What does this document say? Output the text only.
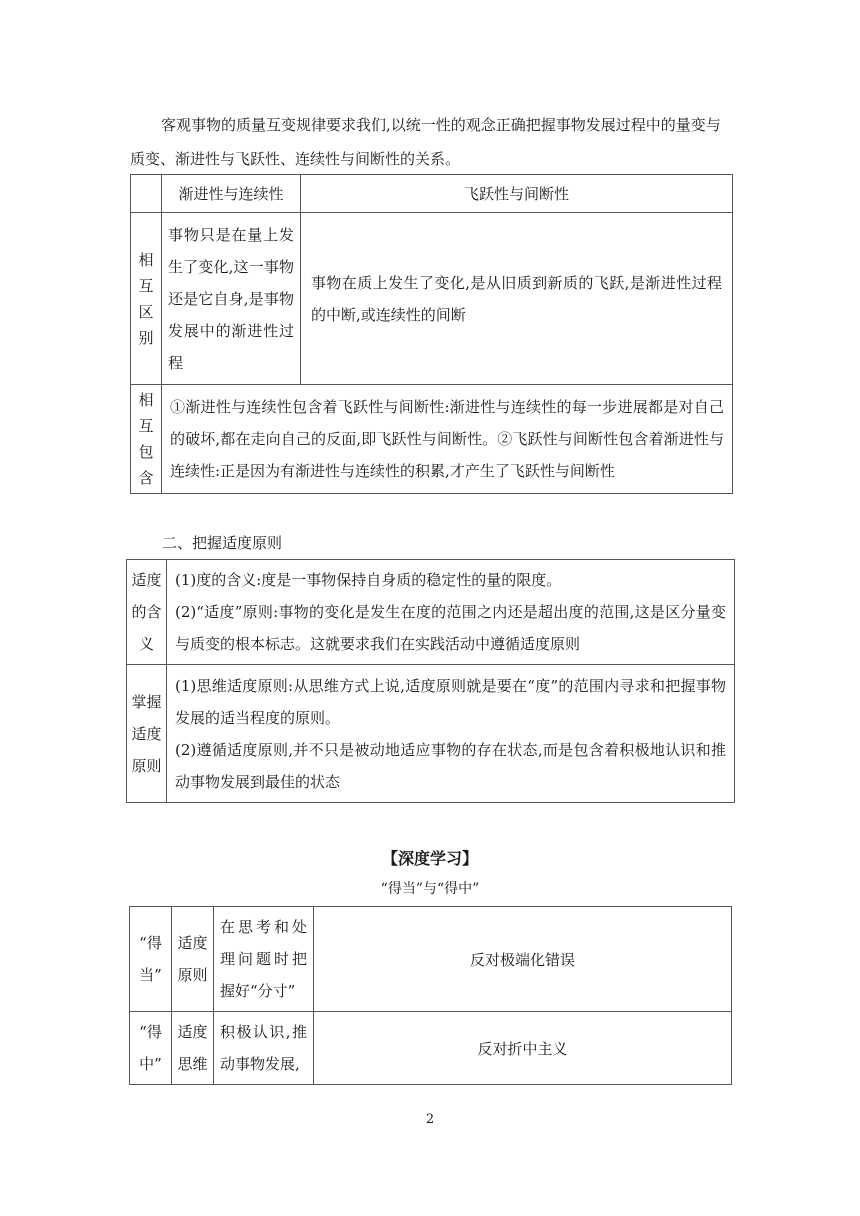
客观事物的质量互变规律要求我们,以统一性的观念正确把握事物发展过程中的量变与质变、渐进性与飞跃性、连续性与间断性的关系。

	渐进性与连续性	飞跃性与间断性
相互区别	事物只是在量上发生了变化,这一事物还是它自身,是事物发展中的渐进性过程	事物在质上发生了变化,是从旧质到新质的飞跃,是渐进性过程的中断,或连续性的间断
相互包含	①渐进性与连续性包含着飞跃性与间断性:渐进性与连续性的每一步进展都是对自己的破坏,都在走向自己的反面,即飞跃性与间断性。②飞跃性与间断性包含着渐进性与连续性:正是因为有渐进性与连续性的积累,才产生了飞跃性与间断性	
二、把握适度原则
适度的含义	(1)度的含义:度是一事物保持自身质的稳定性的量的限度。
(2)“适度”原则:事物的变化是发生在度的范围之内还是超出度的范围,这是区分量变与质变的根本标志。这就要求我们在实践活动中遵循适度原则

掌握适度原则	(1)思维适度原则:从思维方式上说,适度原则就是要在“度”的范围内寻求和把握事物发展的适当程度的原则。
(2)遵循适度原则,并不只是被动地适应事物的存在状态,而是包含着积极地认识和推动事物发展到最佳的状态
【深度学习】
“得当”与“得中”
“得当”	适度原则	在思考和处理问题时把握好“分寸”	反对极端化错误
“得中”	适度思维	积极认识,推动事物发展,	反对折中主义
2
